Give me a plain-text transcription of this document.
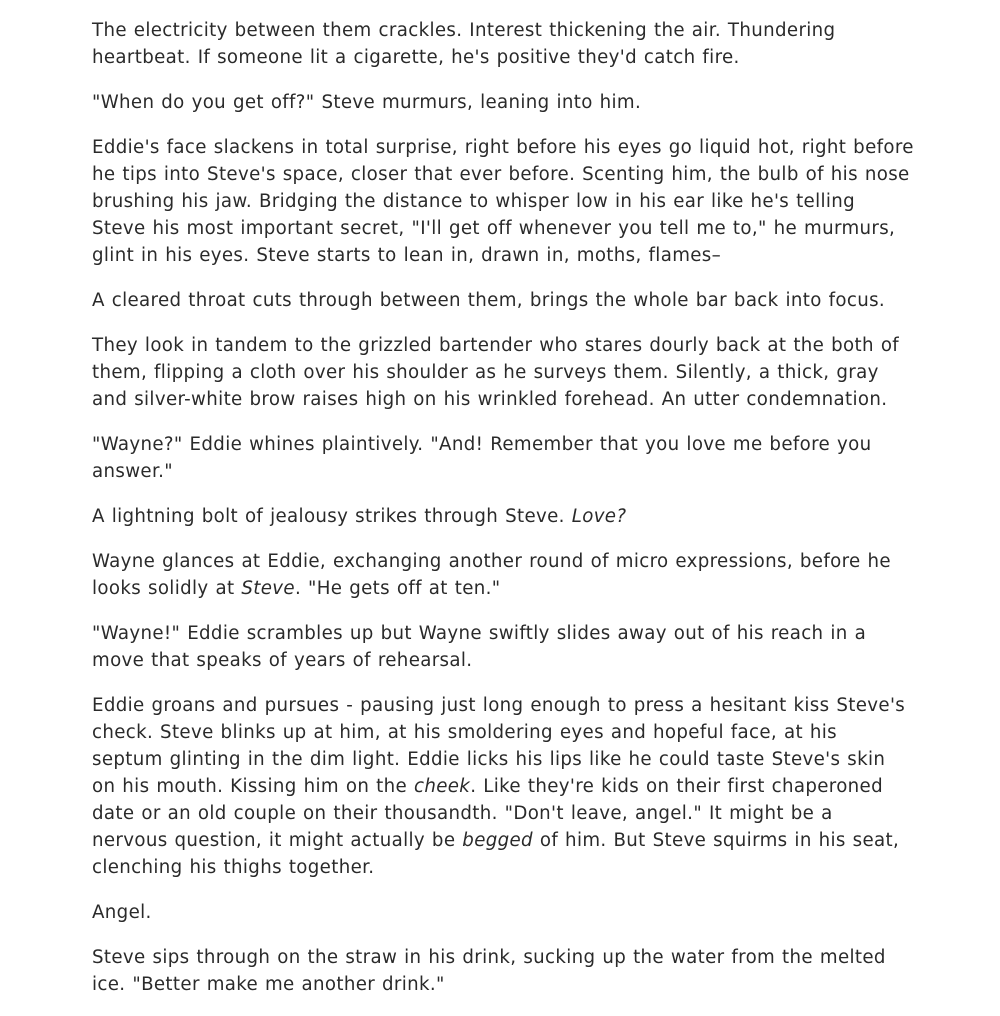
The electricity between them crackles. Interest thickening the air. Thundering heartbeat. If someone lit a cigarette, he's positive they'd catch fire.

"When do you get off?" Steve murmurs, leaning into him.

Eddie's face slackens in total surprise, right before his eyes go liquid hot, right before he tips into Steve's space, closer that ever before. Scenting him, the bulb of his nose brushing his jaw. Bridging the distance to whisper low in his ear like he's telling Steve his most important secret, "I'll get off whenever you tell me to," he murmurs, glint in his eyes. Steve starts to lean in, drawn in, moths, flames–

A cleared throat cuts through between them, brings the whole bar back into focus.

They look in tandem to the grizzled bartender who stares dourly back at the both of them, flipping a cloth over his shoulder as he surveys them. Silently, a thick, gray and silver-white brow raises high on his wrinkled forehead. An utter condemnation.

"Wayne?" Eddie whines plaintively. "And! Remember that you love me before you answer."

A lightning bolt of jealousy strikes through Steve. Love?

Wayne glances at Eddie, exchanging another round of micro expressions, before he looks solidly at Steve. "He gets off at ten."

"Wayne!" Eddie scrambles up but Wayne swiftly slides away out of his reach in a move that speaks of years of rehearsal.

Eddie groans and pursues - pausing just long enough to press a hesitant kiss Steve's check. Steve blinks up at him, at his smoldering eyes and hopeful face, at his septum glinting in the dim light. Eddie licks his lips like he could taste Steve's skin on his mouth. Kissing him on the cheek. Like they're kids on their first chaperoned date or an old couple on their thousandth. "Don't leave, angel." It might be a nervous question, it might actually be begged of him. But Steve squirms in his seat, clenching his thighs together.

Angel.

Steve sips through on the straw in his drink, sucking up the water from the melted ice. "Better make me another drink."
